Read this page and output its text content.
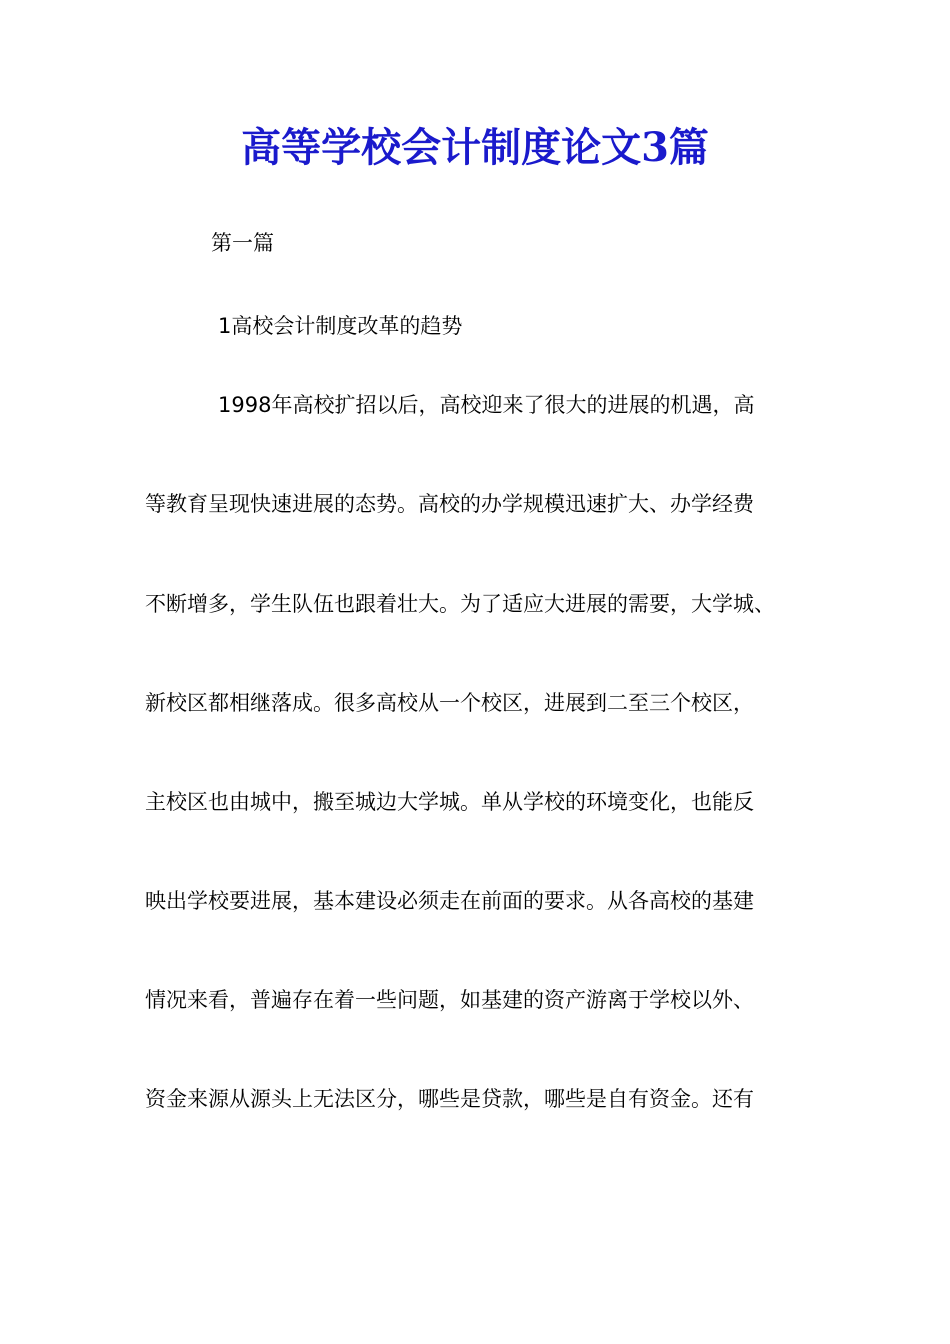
高等学校会计制度论文3篇
第一篇
1高校会计制度改革的趋势
1998年高校扩招以后，高校迎来了很大的进展的机遇，高
等教育呈现快速进展的态势。高校的办学规模迅速扩大、办学经费
不断增多，学生队伍也跟着壮大。为了适应大进展的需要，大学城、
新校区都相继落成。很多高校从一个校区，进展到二至三个校区，
主校区也由城中，搬至城边大学城。单从学校的环境变化，也能反
映出学校要进展，基本建设必须走在前面的要求。从各高校的基建
情况来看，普遍存在着一些问题，如基建的资产游离于学校以外、
资金来源从源头上无法区分，哪些是贷款，哪些是自有资金。还有
